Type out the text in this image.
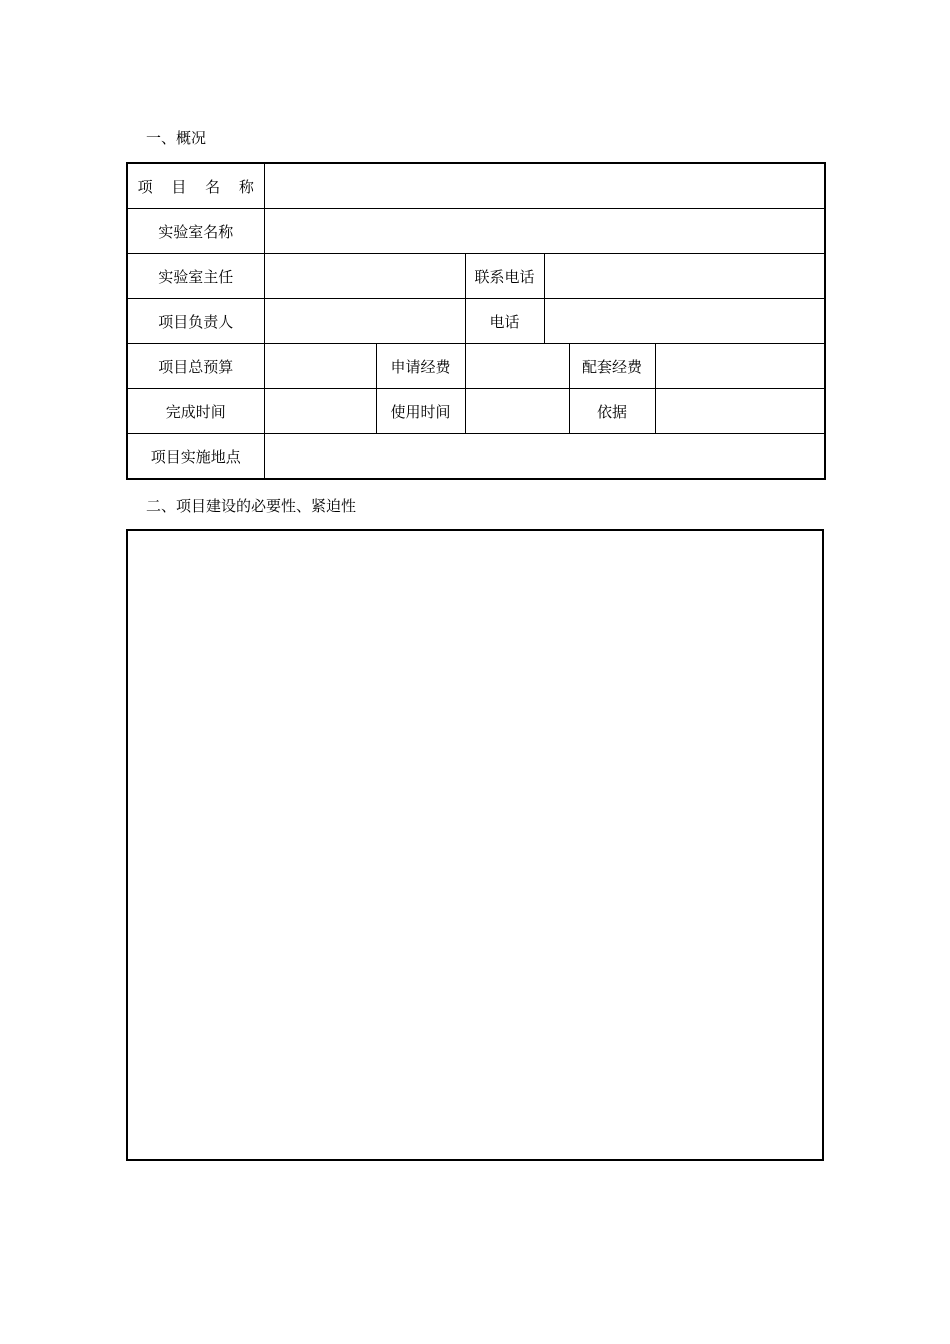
一、概况
项 目 名 称						
实验室名称						
实验室主任			联系电话			
项目负责人			电话			
项目总预算		申请经费			配套经费	
完成时间		使用时间			依据	
项目实施地点						
二、项目建设的必要性、紧迫性
